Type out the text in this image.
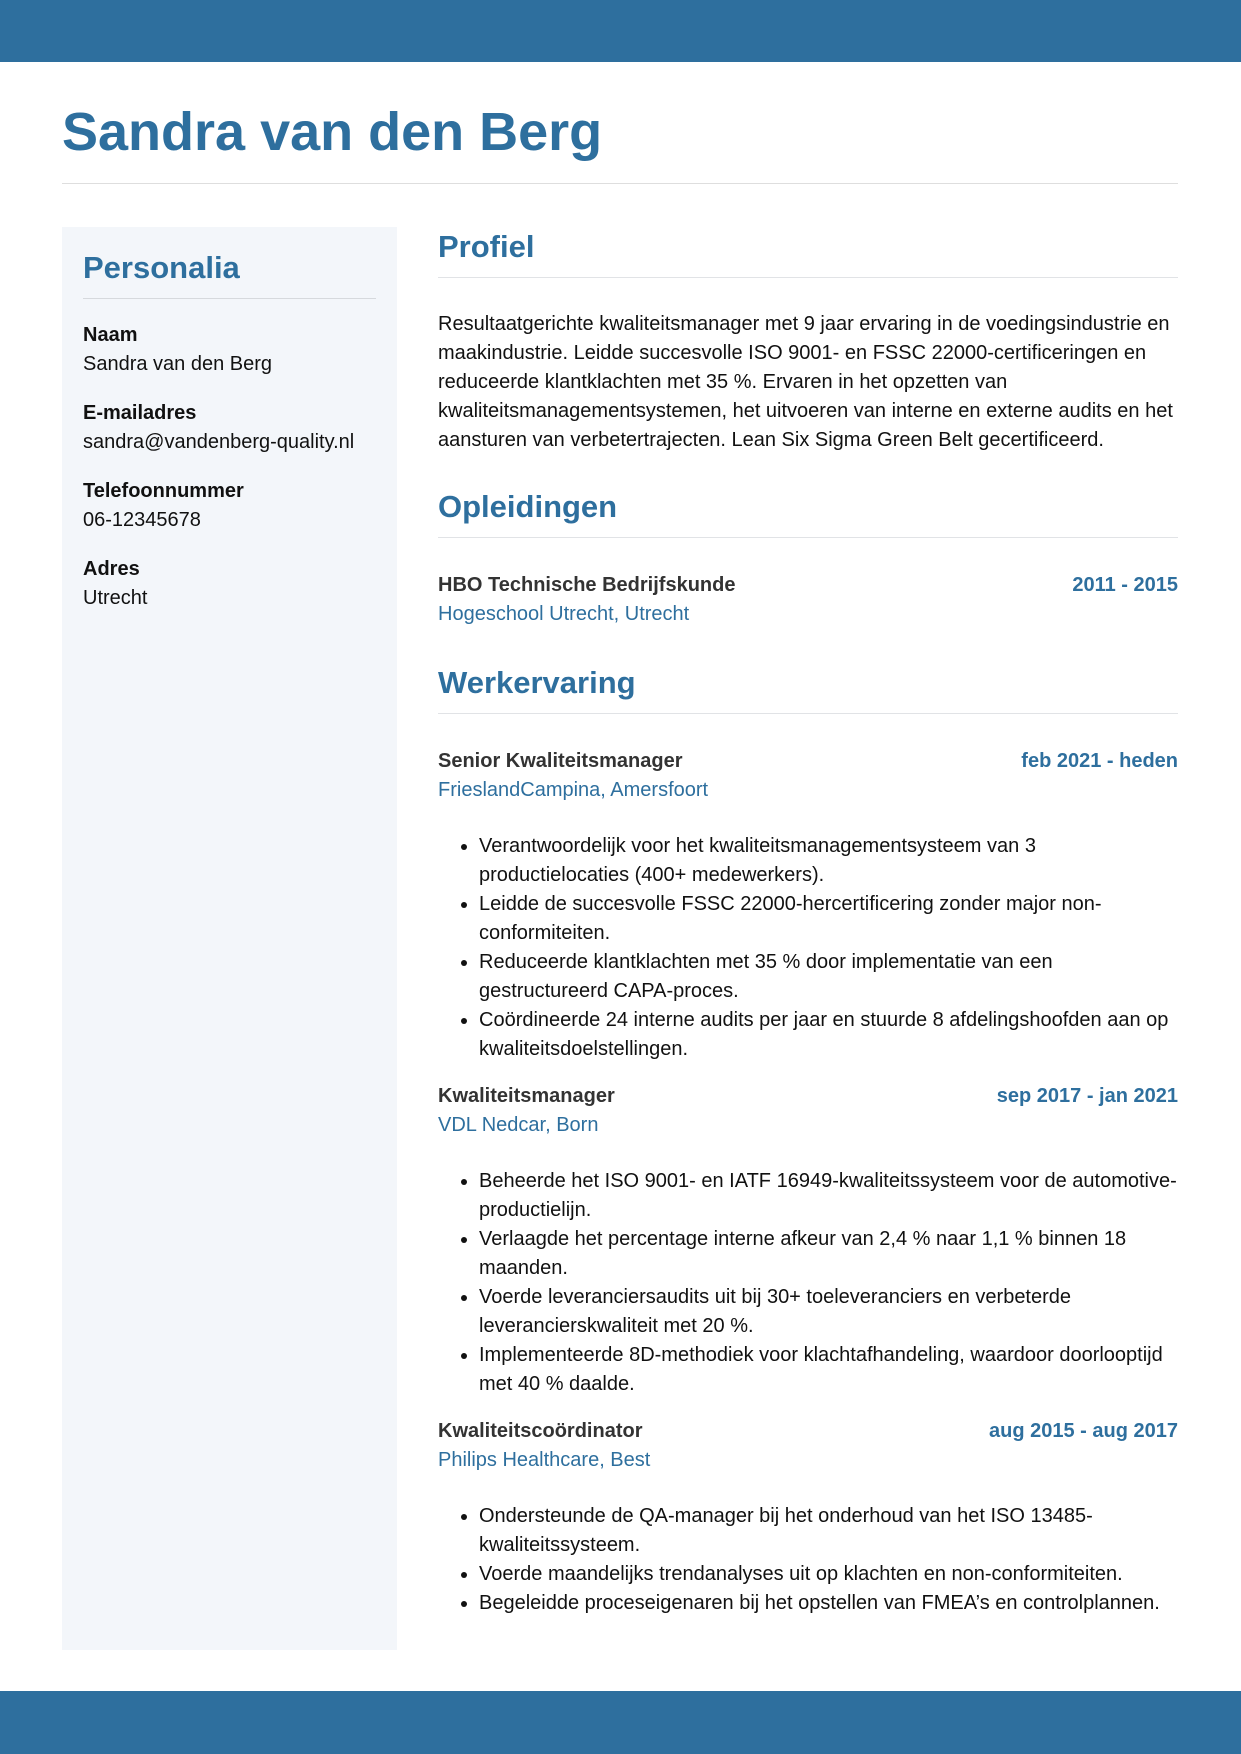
Sandra van den Berg
Personalia
Naam
Sandra van den Berg
E-mailadres
sandra@vandenberg-quality.nl
Telefoonnummer
06-12345678
Adres
Utrecht
Profiel

Resultaatgerichte kwaliteitsmanager met 9 jaar ervaring in de voedingsindustrie en maakindustrie. Leidde succesvolle ISO 9001- en FSSC 22000-certificeringen en reduceerde klantklachten met 35 %. Ervaren in het opzetten van kwaliteitsmanagementsystemen, het uitvoeren van interne en externe audits en het aansturen van verbetertrajecten. Lean Six Sigma Green Belt gecertificeerd.

Opleidingen
HBO Technische Bedrijfskunde	2011 - 2015
Hogeschool Utrecht, Utrecht
Werkervaring
Senior Kwaliteitsmanager	feb 2021 - heden
FrieslandCampina, Amersfoort
• Verantwoordelijk voor het kwaliteitsmanagementsysteem van 3 productielocaties (400+ medewerkers).
• Leidde de succesvolle FSSC 22000-hercertificering zonder major non-conformiteiten.
• Reduceerde klantklachten met 35 % door implementatie van een gestructureerd CAPA-proces.
• Coördineerde 24 interne audits per jaar en stuurde 8 afdelingshoofden aan op kwaliteitsdoelstellingen.
Kwaliteitsmanager	sep 2017 - jan 2021
VDL Nedcar, Born
• Beheerde het ISO 9001- en IATF 16949-kwaliteitssysteem voor de automotive-productielijn.
• Verlaagde het percentage interne afkeur van 2,4 % naar 1,1 % binnen 18 maanden.
• Voerde leveranciersaudits uit bij 30+ toeleveranciers en verbeterde leverancierskwaliteit met 20 %.
• Implementeerde 8D-methodiek voor klachtafhandeling, waardoor doorlooptijd met 40 % daalde.
Kwaliteitscoördinator	aug 2015 - aug 2017
Philips Healthcare, Best
• Ondersteunde de QA-manager bij het onderhoud van het ISO 13485-kwaliteitssysteem.
• Voerde maandelijks trendanalyses uit op klachten en non-conformiteiten.
• Begeleidde proceseigenaren bij het opstellen van FMEA’s en controlplannen.
